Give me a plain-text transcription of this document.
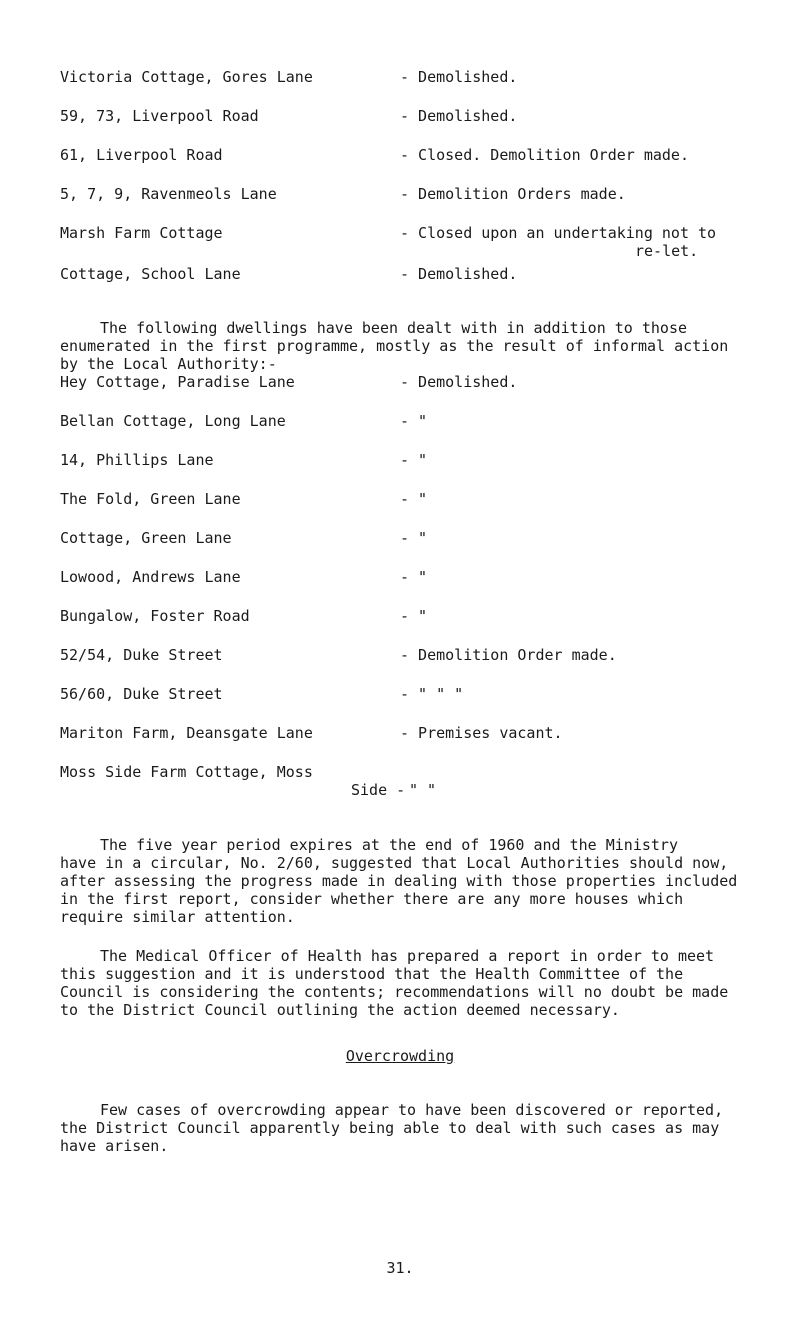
Victoria Cottage, Gores Lane	- Demolished.
59, 73, Liverpool Road	- Demolished.
61, Liverpool Road	- Closed. Demolition Order made.
5, 7, 9, Ravenmeols Lane	- Demolition Orders made.
Marsh Farm Cottage	- Closed upon an undertaking not to
re-let.
Cottage, School Lane	- Demolished.

The following dwellings have been dealt with in addition to those
enumerated in the first programme, mostly as the result of informal action
by the Local Authority:-

Hey Cottage, Paradise Lane	- Demolished.
Bellan Cottage, Long Lane	- "
14, Phillips Lane	- "
The Fold, Green Lane	- "
Cottage, Green Lane	- "
Lowood, Andrews Lane	- "
Bungalow, Foster Road	- "
52/54, Duke Street	- Demolition Order made.
56/60, Duke Street	- " " "
Mariton Farm, Deansgate Lane	- Premises vacant.
Moss Side Farm Cottage, Moss
Side - " "

The five year period expires at the end of 1960 and the Ministry
have in a circular, No. 2/60, suggested that Local Authorities should now,
after assessing the progress made in dealing with those properties included
in the first report, consider whether there are any more houses which
require similar attention.

The Medical Officer of Health has prepared a report in order to meet
this suggestion and it is understood that the Health Committee of the
Council is considering the contents; recommendations will no doubt be made
to the District Council outlining the action deemed necessary.

Overcrowding

Few cases of overcrowding appear to have been discovered or reported,
the District Council apparently being able to deal with such cases as may
have arisen.

31.
